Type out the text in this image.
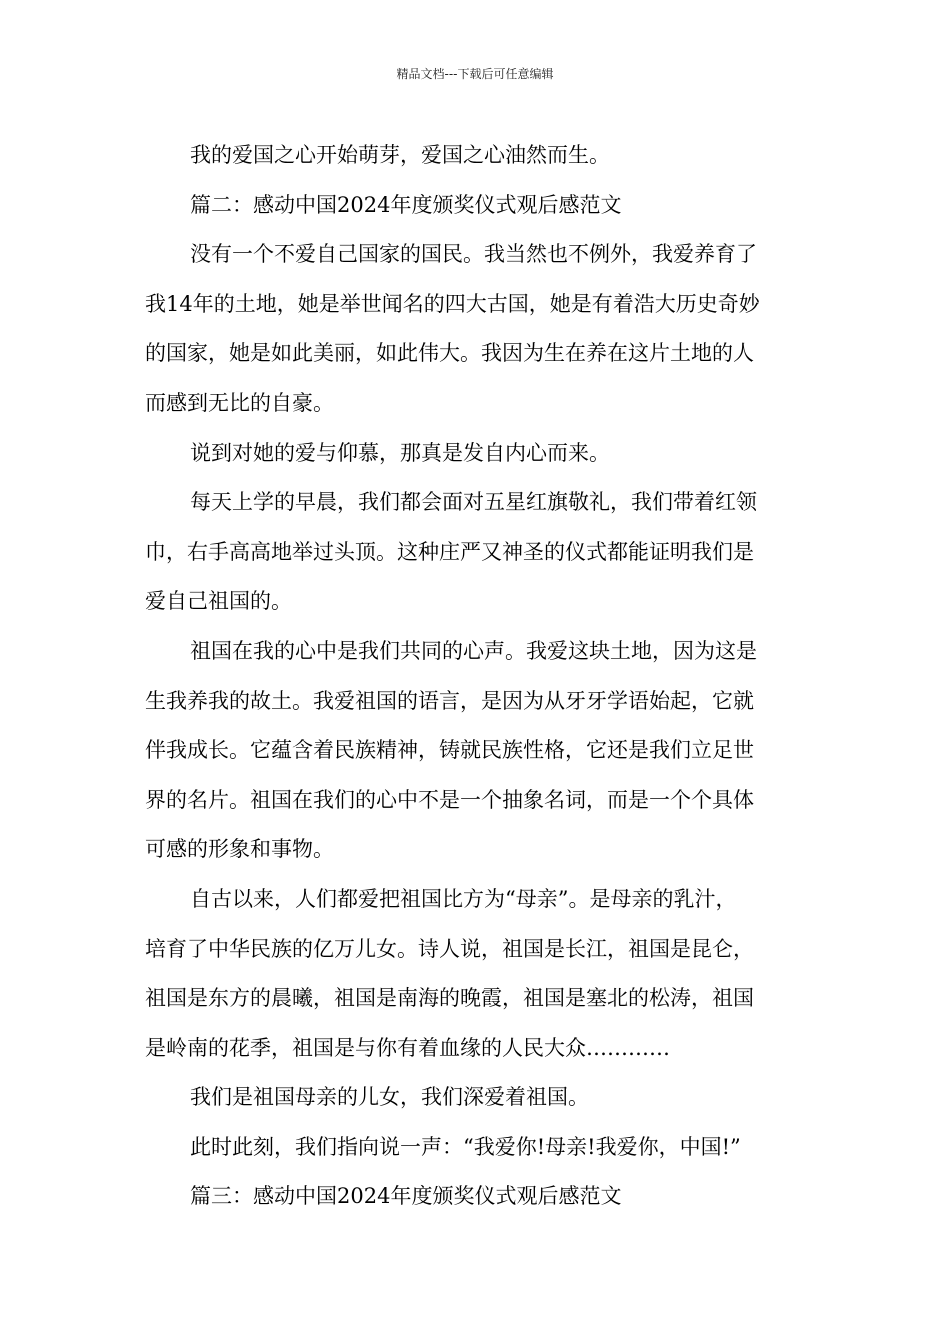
精品文档---下载后可任意编辑
我的爱国之心开始萌芽，爱国之心油然而生。
篇二：感动中国2024年度颁奖仪式观后感范文
没有一个不爱自己国家的国民。我当然也不例外，我爱养育了
我14年的土地，她是举世闻名的四大古国，她是有着浩大历史奇妙
的国家，她是如此美丽，如此伟大。我因为生在养在这片土地的人
而感到无比的自豪。
说到对她的爱与仰慕，那真是发自内心而来。
每天上学的早晨，我们都会面对五星红旗敬礼，我们带着红领
巾，右手高高地举过头顶。这种庄严又神圣的仪式都能证明我们是
爱自己祖国的。
祖国在我的心中是我们共同的心声。我爱这块土地，因为这是
生我养我的故土。我爱祖国的语言，是因为从牙牙学语始起，它就
伴我成长。它蕴含着民族精神，铸就民族性格，它还是我们立足世
界的名片。祖国在我们的心中不是一个抽象名词，而是一个个具体
可感的形象和事物。
自古以来，人们都爱把祖国比方为“母亲”。是母亲的乳汁，
培育了中华民族的亿万儿女。诗人说，祖国是长江，祖国是昆仑，
祖国是东方的晨曦，祖国是南海的晚霞，祖国是塞北的松涛，祖国
是岭南的花季，祖国是与你有着血缘的人民大众…………
我们是祖国母亲的儿女，我们深爱着祖国。
此时此刻，我们指向说一声：“我爱你!母亲!我爱你，中国!”
篇三：感动中国2024年度颁奖仪式观后感范文
